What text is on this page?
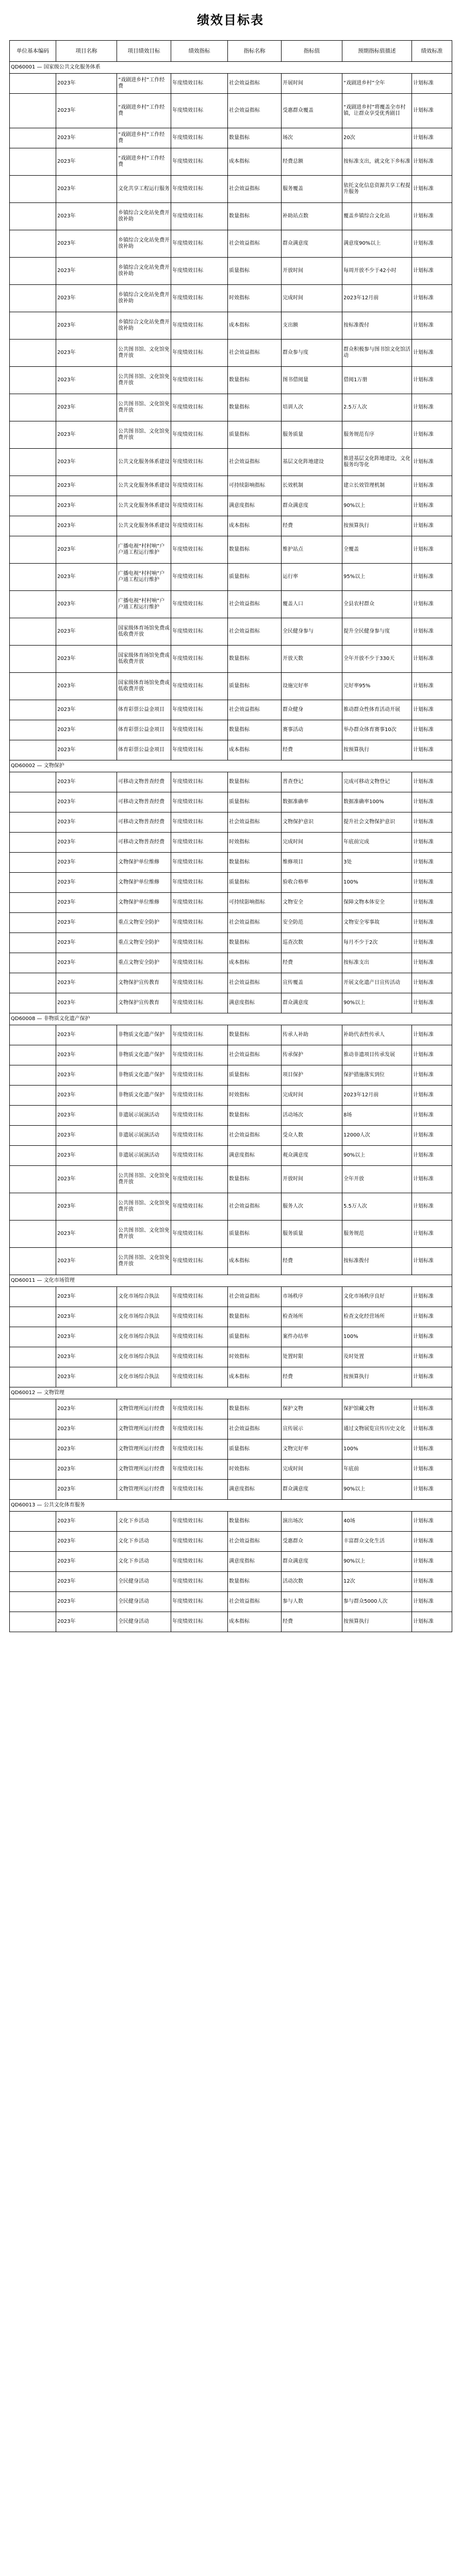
绩效目标表
单位基本编码	项目名称	项目绩效目标	绩效指标	指标名称	指标值	预期指标值描述	绩效标准
QD60001 — 国家级公共文化服务体系							
	2023年	”戏剧进乡村”工作经费	年度绩效目标	社会效益指标	开展时间	“戏剧进乡村”全年	计划标准
	2023年	“戏剧进乡村”工作经费	年度绩效目标	社会效益指标	受惠群众覆盖	“戏剧进乡村”将覆盖全市村镇，让群众享受优秀剧目	计划标准
	2023年	“戏剧进乡村”工作经费	年度绩效目标	数量指标	场次	20次	计划标准
	2023年	“戏剧进乡村”工作经费	年度绩效目标	成本指标	经费总额	按标准支出，就文化下乡标准	计划标准
	2023年	文化共享工程运行服务	年度绩效目标	社会效益指标	服务覆盖	依托文化信息资源共享工程提升服务	计划标准
	2023年	乡镇综合文化站免费开放补助	年度绩效目标	数量指标	补助站点数	覆盖乡镇综合文化站	计划标准
	2023年	乡镇综合文化站免费开放补助	年度绩效目标	社会效益指标	群众满意度	满意度90%以上	计划标准
	2023年	乡镇综合文化站免费开放补助	年度绩效目标	质量指标	开放时间	每周开放不少于42小时	计划标准
	2023年	乡镇综合文化站免费开放补助	年度绩效目标	时效指标	完成时间	2023年12月前	计划标准
	2023年	乡镇综合文化站免费开放补助	年度绩效目标	成本指标	支出额	按标准拨付	计划标准
	2023年	公共图书馆、文化馆免费开放	年度绩效目标	社会效益指标	群众参与度	群众积极参与图书馆文化馆活动	计划标准
	2023年	公共图书馆、文化馆免费开放	年度绩效目标	数量指标	图书借阅量	借阅1万册	计划标准
	2023年	公共图书馆、文化馆免费开放	年度绩效目标	数量指标	培训人次	2.5万人次	计划标准
	2023年	公共图书馆、文化馆免费开放	年度绩效目标	质量指标	服务质量	服务规范有序	计划标准
	2023年	公共文化服务体系建设	年度绩效目标	社会效益指标	基层文化阵地建设	推进基层文化阵地建设，文化服务均等化	计划标准
	2023年	公共文化服务体系建设	年度绩效目标	可持续影响指标	长效机制	建立长效管理机制	计划标准
	2023年	公共文化服务体系建设	年度绩效目标	满意度指标	群众满意度	90%以上	计划标准
	2023年	公共文化服务体系建设	年度绩效目标	成本指标	经费	按预算执行	计划标准
	2023年	广播电视“村村响”户户通工程运行维护	年度绩效目标	数量指标	维护站点	全覆盖	计划标准
	2023年	广播电视“村村响”户户通工程运行维护	年度绩效目标	质量指标	运行率	95%以上	计划标准
	2023年	广播电视“村村响”户户通工程运行维护	年度绩效目标	社会效益指标	覆盖人口	全县农村群众	计划标准
	2023年	国家级体育场馆免费或低收费开放	年度绩效目标	社会效益指标	全民健身参与	提升全民健身参与度	计划标准
	2023年	国家级体育场馆免费或低收费开放	年度绩效目标	数量指标	开放天数	全年开放不少于330天	计划标准
	2023年	国家级体育场馆免费或低收费开放	年度绩效目标	质量指标	设施完好率	完好率95%	计划标准
	2023年	体育彩票公益金项目	年度绩效目标	社会效益指标	群众健身	推动群众性体育活动开展	计划标准
	2023年	体育彩票公益金项目	年度绩效目标	数量指标	赛事活动	举办群众体育赛事10次	计划标准
	2023年	体育彩票公益金项目	年度绩效目标	成本指标	经费	按预算执行	计划标准
QD60002 — 文物保护							
	2023年	可移动文物普查经费	年度绩效目标	数量指标	普查登记	完成可移动文物登记	计划标准
	2023年	可移动文物普查经费	年度绩效目标	质量指标	数据准确率	数据准确率100%	计划标准
	2023年	可移动文物普查经费	年度绩效目标	社会效益指标	文物保护意识	提升社会文物保护意识	计划标准
	2023年	可移动文物普查经费	年度绩效目标	时效指标	完成时间	年底前完成	计划标准
	2023年	文物保护单位维修	年度绩效目标	数量指标	维修项目	3处	计划标准
	2023年	文物保护单位维修	年度绩效目标	质量指标	验收合格率	100%	计划标准
	2023年	文物保护单位维修	年度绩效目标	可持续影响指标	文物安全	保障文物本体安全	计划标准
	2023年	重点文物安全防护	年度绩效目标	社会效益指标	安全防范	文物安全零事故	计划标准
	2023年	重点文物安全防护	年度绩效目标	数量指标	巡查次数	每月不少于2次	计划标准
	2023年	重点文物安全防护	年度绩效目标	成本指标	经费	按标准支出	计划标准
	2023年	文物保护宣传教育	年度绩效目标	社会效益指标	宣传覆盖	开展文化遗产日宣传活动	计划标准
	2023年	文物保护宣传教育	年度绩效目标	满意度指标	群众满意度	90%以上	计划标准
QD60008 — 非物质文化遗产保护							
	2023年	非物质文化遗产保护	年度绩效目标	数量指标	传承人补助	补助代表性传承人	计划标准
	2023年	非物质文化遗产保护	年度绩效目标	社会效益指标	传承保护	推动非遗项目传承发展	计划标准
	2023年	非物质文化遗产保护	年度绩效目标	质量指标	项目保护	保护措施落实到位	计划标准
	2023年	非物质文化遗产保护	年度绩效目标	时效指标	完成时间	2023年12月前	计划标准
	2023年	非遗展示展演活动	年度绩效目标	数量指标	活动场次	8场	计划标准
	2023年	非遗展示展演活动	年度绩效目标	社会效益指标	受众人数	12000人次	计划标准
	2023年	非遗展示展演活动	年度绩效目标	满意度指标	观众满意度	90%以上	计划标准
	2023年	公共图书馆、文化馆免费开放	年度绩效目标	数量指标	开放时间	全年开放	计划标准
	2023年	公共图书馆、文化馆免费开放	年度绩效目标	社会效益指标	服务人次	5.5万人次	计划标准
	2023年	公共图书馆、文化馆免费开放	年度绩效目标	质量指标	服务质量	服务规范	计划标准
	2023年	公共图书馆、文化馆免费开放	年度绩效目标	成本指标	经费	按标准拨付	计划标准
QD60011 — 文化市场管理							
	2023年	文化市场综合执法	年度绩效目标	社会效益指标	市场秩序	文化市场秩序良好	计划标准
	2023年	文化市场综合执法	年度绩效目标	数量指标	检查场所	检查文化经营场所	计划标准
	2023年	文化市场综合执法	年度绩效目标	质量指标	案件办结率	100%	计划标准
	2023年	文化市场综合执法	年度绩效目标	时效指标	处置时限	及时处置	计划标准
	2023年	文化市场综合执法	年度绩效目标	成本指标	经费	按预算执行	计划标准
QD60012 — 文物管理							
	2023年	文物管理所运行经费	年度绩效目标	数量指标	保护文物	保护馆藏文物	计划标准
	2023年	文物管理所运行经费	年度绩效目标	社会效益指标	宣传展示	通过文物展览宣传历史文化	计划标准
	2023年	文物管理所运行经费	年度绩效目标	质量指标	文物完好率	100%	计划标准
	2023年	文物管理所运行经费	年度绩效目标	时效指标	完成时间	年底前	计划标准
	2023年	文物管理所运行经费	年度绩效目标	满意度指标	群众满意度	90%以上	计划标准
QD60013 — 公共文化体育服务							
	2023年	文化下乡活动	年度绩效目标	数量指标	演出场次	40场	计划标准
	2023年	文化下乡活动	年度绩效目标	社会效益指标	受惠群众	丰富群众文化生活	计划标准
	2023年	文化下乡活动	年度绩效目标	满意度指标	群众满意度	90%以上	计划标准
	2023年	全民健身活动	年度绩效目标	数量指标	活动次数	12次	计划标准
	2023年	全民健身活动	年度绩效目标	社会效益指标	参与人数	参与群众5000人次	计划标准
	2023年	全民健身活动	年度绩效目标	成本指标	经费	按预算执行	计划标准
